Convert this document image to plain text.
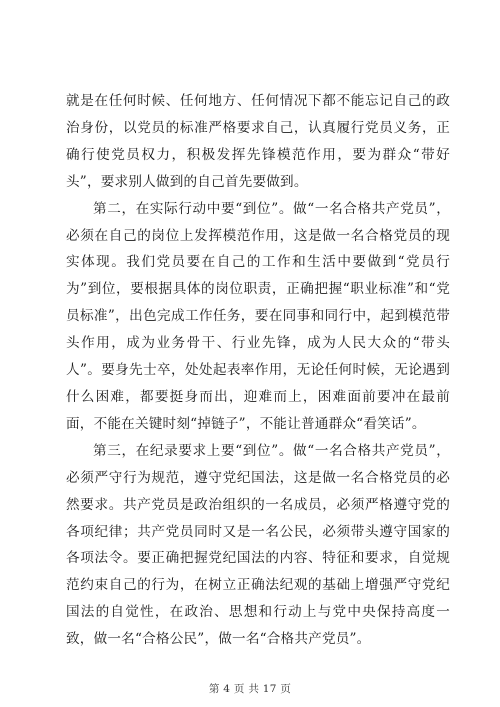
就是在任何时候、任何地方、任何情况下都不能忘记自己的政治身份，以党员的标准严格要求自己，认真履行党员义务，正确行使党员权力，积极发挥先锋模范作用，要为群众“带好头”，要求别人做到的自己首先要做到。

第二，在实际行动中要“到位”。做“一名合格共产党员”，必须在自己的岗位上发挥模范作用，这是做一名合格党员的现实体现。我们党员要在自己的工作和生活中要做到“党员行为”到位，要根据具体的岗位职责，正确把握“职业标准”和“党员标准”，出色完成工作任务，要在同事和同行中，起到模范带头作用，成为业务骨干、行业先锋，成为人民大众的“带头人”。要身先士卒，处处起表率作用，无论任何时候，无论遇到什么困难，都要挺身而出，迎难而上，困难面前要冲在最前面，不能在关键时刻“掉链子”，不能让普通群众“看笑话”。

第三，在纪录要求上要“到位”。做“一名合格共产党员”，必须严守行为规范，遵守党纪国法，这是做一名合格党员的必然要求。共产党员是政治组织的一名成员，必须严格遵守党的各项纪律；共产党员同时又是一名公民，必须带头遵守国家的各项法令。要正确把握党纪国法的内容、特征和要求，自觉规范约束自己的行为，在树立正确法纪观的基础上增强严守党纪国法的自觉性，在政治、思想和行动上与党中央保持高度一致，做一名“合格公民”，做一名“合格共产党员”。

第 4 页 共 17 页
